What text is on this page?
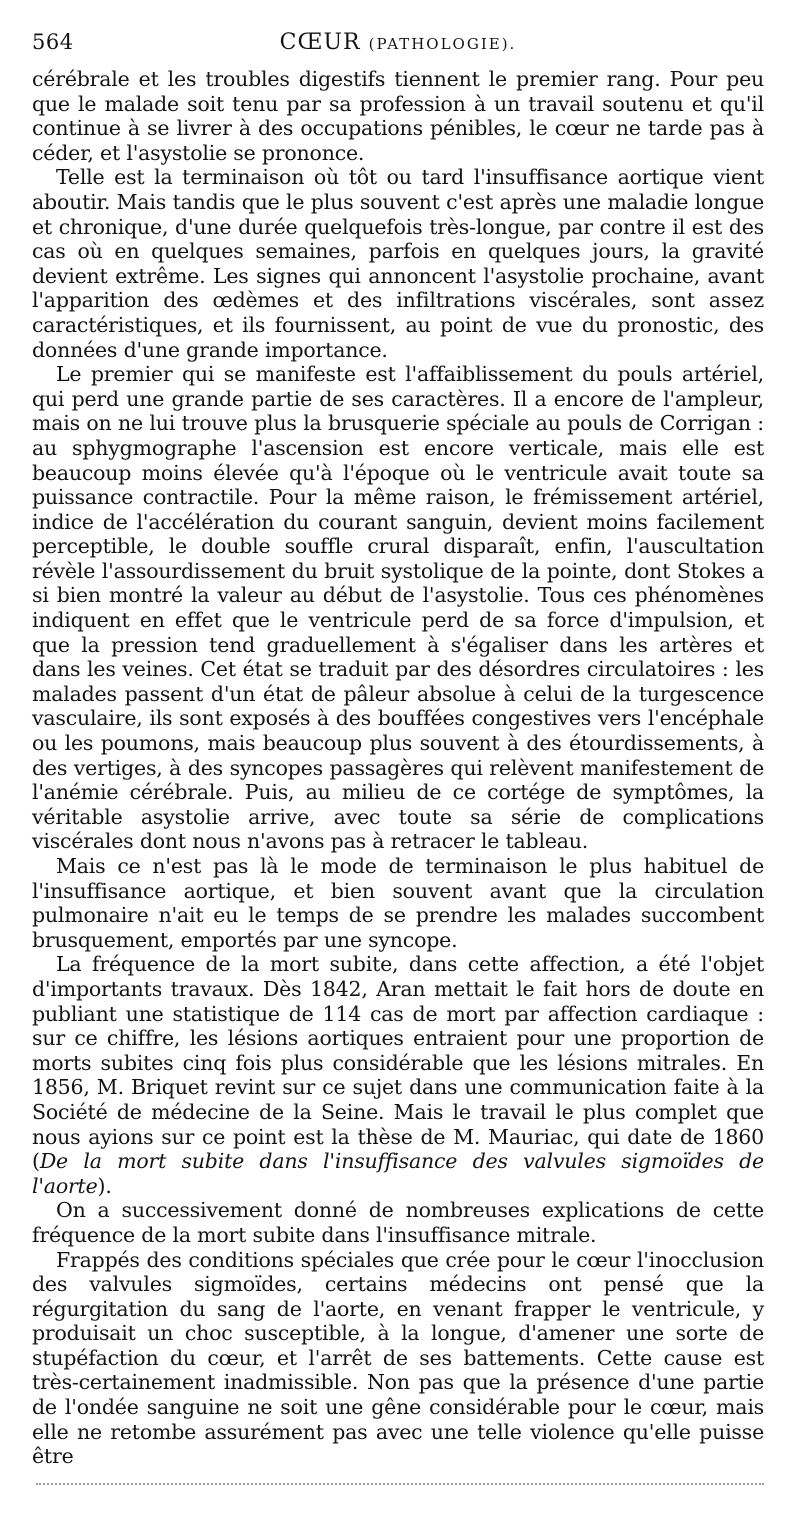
564	CŒUR (PATHOLOGIE).

cérébrale et les troubles digestifs tiennent le premier rang. Pour peu que le malade soit tenu par sa profession à un travail soutenu et qu'il continue à se livrer à des occupations pénibles, le cœur ne tarde pas à céder, et l'asystolie se prononce.

Telle est la terminaison où tôt ou tard l'insuffisance aortique vient aboutir. Mais tandis que le plus souvent c'est après une maladie longue et chronique, d'une durée quelquefois très-longue, par contre il est des cas où en quelques semaines, parfois en quelques jours, la gravité devient extrême. Les signes qui annoncent l'asystolie prochaine, avant l'apparition des œdèmes et des infiltrations viscérales, sont assez caractéristiques, et ils fournissent, au point de vue du pronostic, des données d'une grande importance.

Le premier qui se manifeste est l'affaiblissement du pouls artériel, qui perd une grande partie de ses caractères. Il a encore de l'ampleur, mais on ne lui trouve plus la brusquerie spéciale au pouls de Corrigan : au sphygmographe l'ascension est encore verticale, mais elle est beaucoup moins élevée qu'à l'époque où le ventricule avait toute sa puissance contractile. Pour la même raison, le frémissement artériel, indice de l'accélération du courant sanguin, devient moins facilement perceptible, le double souffle crural disparaît, enfin, l'auscultation révèle l'assourdissement du bruit systolique de la pointe, dont Stokes a si bien montré la valeur au début de l'asystolie. Tous ces phénomènes indiquent en effet que le ventricule perd de sa force d'impulsion, et que la pression tend graduellement à s'égaliser dans les artères et dans les veines. Cet état se traduit par des désordres circulatoires : les malades passent d'un état de pâleur absolue à celui de la turgescence vasculaire, ils sont exposés à des bouffées congestives vers l'encéphale ou les poumons, mais beaucoup plus souvent à des étourdissements, à des vertiges, à des syncopes passagères qui relèvent manifestement de l'anémie cérébrale. Puis, au milieu de ce cortége de symptômes, la véritable asystolie arrive, avec toute sa série de complications viscérales dont nous n'avons pas à retracer le tableau.

Mais ce n'est pas là le mode de terminaison le plus habituel de l'insuffisance aortique, et bien souvent avant que la circulation pulmonaire n'ait eu le temps de se prendre les malades succombent brusquement, emportés par une syncope.

La fréquence de la mort subite, dans cette affection, a été l'objet d'importants travaux. Dès 1842, Aran mettait le fait hors de doute en publiant une statistique de 114 cas de mort par affection cardiaque : sur ce chiffre, les lésions aortiques entraient pour une proportion de morts subites cinq fois plus considérable que les lésions mitrales. En 1856, M. Briquet revint sur ce sujet dans une communication faite à la Société de médecine de la Seine. Mais le travail le plus complet que nous ayions sur ce point est la thèse de M. Mauriac, qui date de 1860 (De la mort subite dans l'insuffisance des valvules sigmoïdes de l'aorte).

On a successivement donné de nombreuses explications de cette fréquence de la mort subite dans l'insuffisance mitrale.

Frappés des conditions spéciales que crée pour le cœur l'inocclusion des valvules sigmoïdes, certains médecins ont pensé que la régurgitation du sang de l'aorte, en venant frapper le ventricule, y produisait un choc susceptible, à la longue, d'amener une sorte de stupéfaction du cœur, et l'arrêt de ses battements. Cette cause est très-certainement inadmissible. Non pas que la présence d'une partie de l'ondée sanguine ne soit une gêne considérable pour le cœur, mais elle ne retombe assurément pas avec une telle violence qu'elle puisse être
